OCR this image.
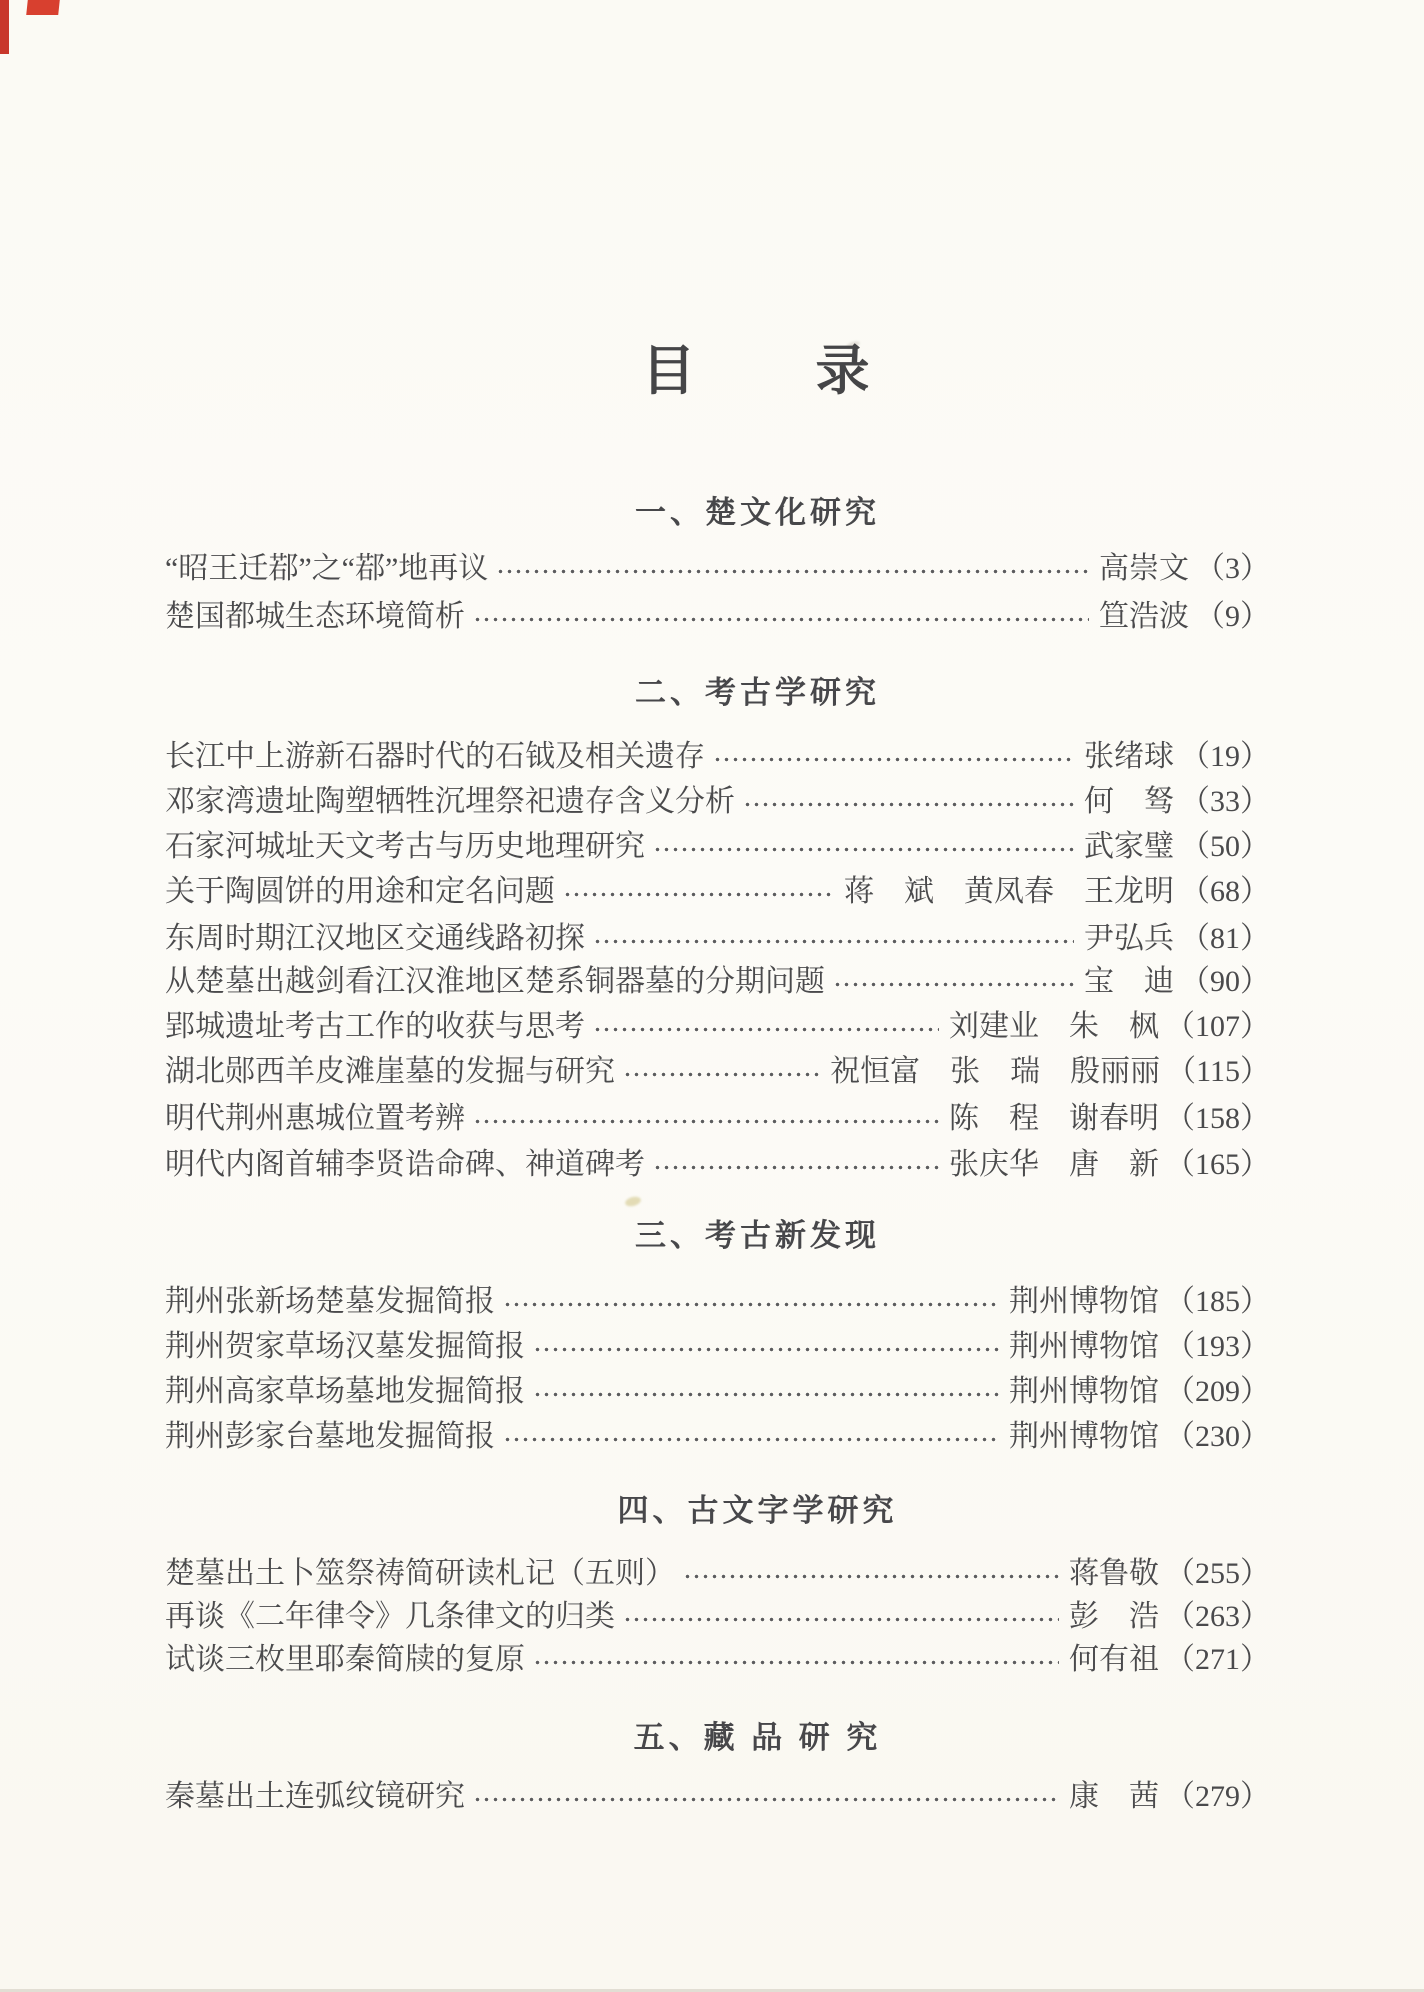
目　　录
一、楚文化研究
“昭王迁鄀”之“鄀”地再议	高崇文 （3）
楚国都城生态环境简析	笪浩波 （9）
二、考古学研究
长江中上游新石器时代的石钺及相关遗存	张绪球 （19）
邓家湾遗址陶塑牺牲沉埋祭祀遗存含义分析	何　驽 （33）
石家河城址天文考古与历史地理研究	武家璧 （50）
关于陶圆饼的用途和定名问题	蒋　斌　黄凤春　王龙明 （68）
东周时期江汉地区交通线路初探	尹弘兵 （81）
从楚墓出越剑看江汉淮地区楚系铜器墓的分期问题	宝　迪 （90）
郢城遗址考古工作的收获与思考	刘建业　朱　枫 （107）
湖北郧西羊皮滩崖墓的发掘与研究	祝恒富　张　瑞　殷丽丽 （115）
明代荆州惠城位置考辨	陈　程　谢春明 （158）
明代内阁首辅李贤诰命碑、神道碑考	张庆华　唐　新 （165）
三、考古新发现
荆州张新场楚墓发掘简报	荆州博物馆 （185）
荆州贺家草场汉墓发掘简报	荆州博物馆 （193）
荆州高家草场墓地发掘简报	荆州博物馆 （209）
荆州彭家台墓地发掘简报	荆州博物馆 （230）
四、古文字学研究
楚墓出土卜筮祭祷简研读札记（五则）	蒋鲁敬 （255）
再谈《二年律令》几条律文的归类	彭　浩 （263）
试谈三枚里耶秦简牍的复原	何有祖 （271）
五、藏 品 研 究
秦墓出土连弧纹镜研究	康　茜 （279）
